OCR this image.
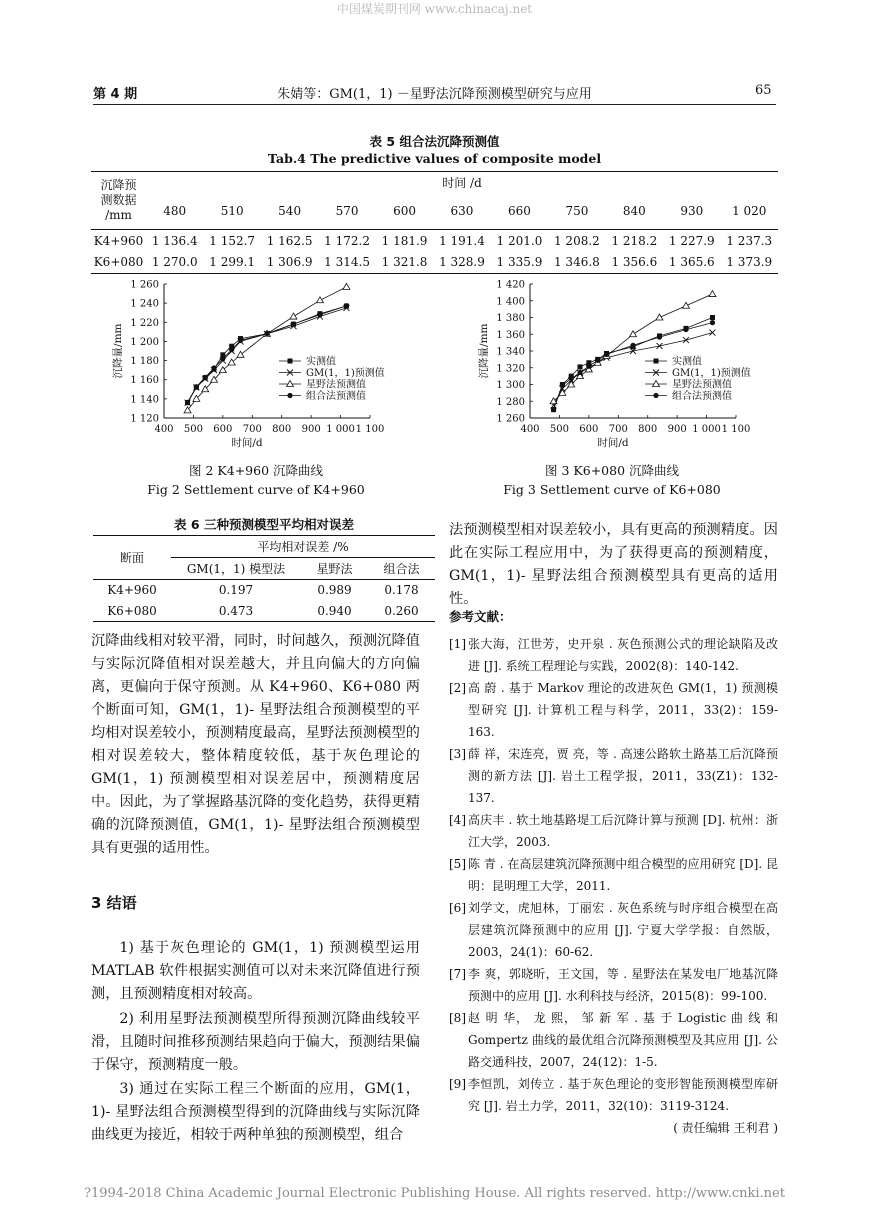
中国煤炭期刊网 www.chinacaj.net
第 4 期	朱婧等：GM(1，1) －星野法沉降预测模型研究与应用	65
表 5 组合法沉降预测值
Tab.4 The predictive values of composite model
沉降预
测数据
/mm	时间 /d										
	480	510	540	570	600	630	660	750	840	930	1 020
K4+960	1 136.4	1 152.7	1 162.5	1 172.2	1 181.9	1 191.4	1 201.0	1 208.2	1 218.2	1 227.9	1 237.3
K6+080	1 270.0	1 299.1	1 306.9	1 314.5	1 321.8	1 328.9	1 335.9	1 346.8	1 356.6	1 365.6	1 373.9
1 120
1 140
1 160
1 180
1 200
1 220
1 240
1 260
400 500 600 700 800 900 1 000 1 100
时间/d
沉降量/mm	实测值
GM(1，1)预测值
星野法预测值
组合法预测值
1 260
1 280
1 300
1 320
1 340
1 360
1 380
1 400
1 420
400 500 600 700 800 900 1 000 1 100
时间/d
沉降量/mm	实测值
GM(1，1)预测值
星野法预测值
组合法预测值
图 2 K4+960 沉降曲线
Fig 2 Settlement curve of K4+960
图 3 K6+080 沉降曲线
Fig 3 Settlement curve of K6+080
表 6 三种预测模型平均相对误差
断面	平均相对误差 /%		
	GM(1，1) 模型法	星野法	组合法
K4+960	0.197	0.989	0.178
K6+080	0.473	0.940	0.260
沉降曲线相对较平滑，同时，时间越久，预测沉降值与实际沉降值相对误差越大，并且向偏大的方向偏离，更偏向于保守预测。从 K4+960、K6+080 两个断面可知，GM(1，1)- 星野法组合预测模型的平均相对误差较小，预测精度最高，星野法预测模型的相对误差较大，整体精度较低，基于灰色理论的 GM(1，1) 预测模型相对误差居中，预测精度居中。因此，为了掌握路基沉降的变化趋势，获得更精确的沉降预测值，GM(1，1)- 星野法组合预测模型具有更强的适用性。
3 结语
1) 基于灰色理论的 GM(1，1) 预测模型运用 MATLAB 软件根据实测值可以对未来沉降值进行预测，且预测精度相对较高。
2) 利用星野法预测模型所得预测沉降曲线较平滑，且随时间推移预测结果趋向于偏大，预测结果偏于保守，预测精度一般。
3) 通过在实际工程三个断面的应用，GM(1，1)- 星野法组合预测模型得到的沉降曲线与实际沉降曲线更为接近，相较于两种单独的预测模型，组合
法预测模型相对误差较小，具有更高的预测精度。因此在实际工程应用中，为了获得更高的预测精度，GM(1，1)- 星野法组合预测模型具有更高的适用性。
参考文献：
[1] 张大海，江世芳，史开泉 . 灰色预测公式的理论缺陷及改进 [J]. 系统工程理论与实践，2002(8)：140-142.
[2] 高 蔚 . 基于 Markov 理论的改进灰色 GM(1，1) 预测模型研究 [J]. 计算机工程与科学，2011，33(2)：159-163.
[3] 薛 祥，宋连亮，贾 亮，等 . 高速公路软土路基工后沉降预测的新方法 [J]. 岩土工程学报，2011，33(Z1)：132-137.
[4] 高庆丰 . 软土地基路堤工后沉降计算与预测 [D]. 杭州：浙江大学，2003.
[5] 陈 青 . 在高层建筑沉降预测中组合模型的应用研究 [D]. 昆明：昆明理工大学，2011.
[6] 刘学文，虎旭林，丁丽宏 . 灰色系统与时序组合模型在高层建筑沉降预测中的应用 [J]. 宁夏大学学报：自然版，2003，24(1)：60-62.
[7] 李 爽，郭晓昕，王文国，等 . 星野法在某发电厂地基沉降预测中的应用 [J]. 水利科技与经济，2015(8)：99-100.
[8] 赵 明 华， 龙 熙， 邹 新 军 . 基 于 Logistic 曲 线 和 Gompertz 曲线的最优组合沉降预测模型及其应用 [J]. 公路交通科技，2007，24(12)：1-5.
[9] 李恒凯，刘传立 . 基于灰色理论的变形智能预测模型库研究 [J]. 岩土力学，2011，32(10)：3119-3124.
( 责任编辑 王利君 )
?1994-2018 China Academic Journal Electronic Publishing House. All rights reserved. http://www.cnki.net
